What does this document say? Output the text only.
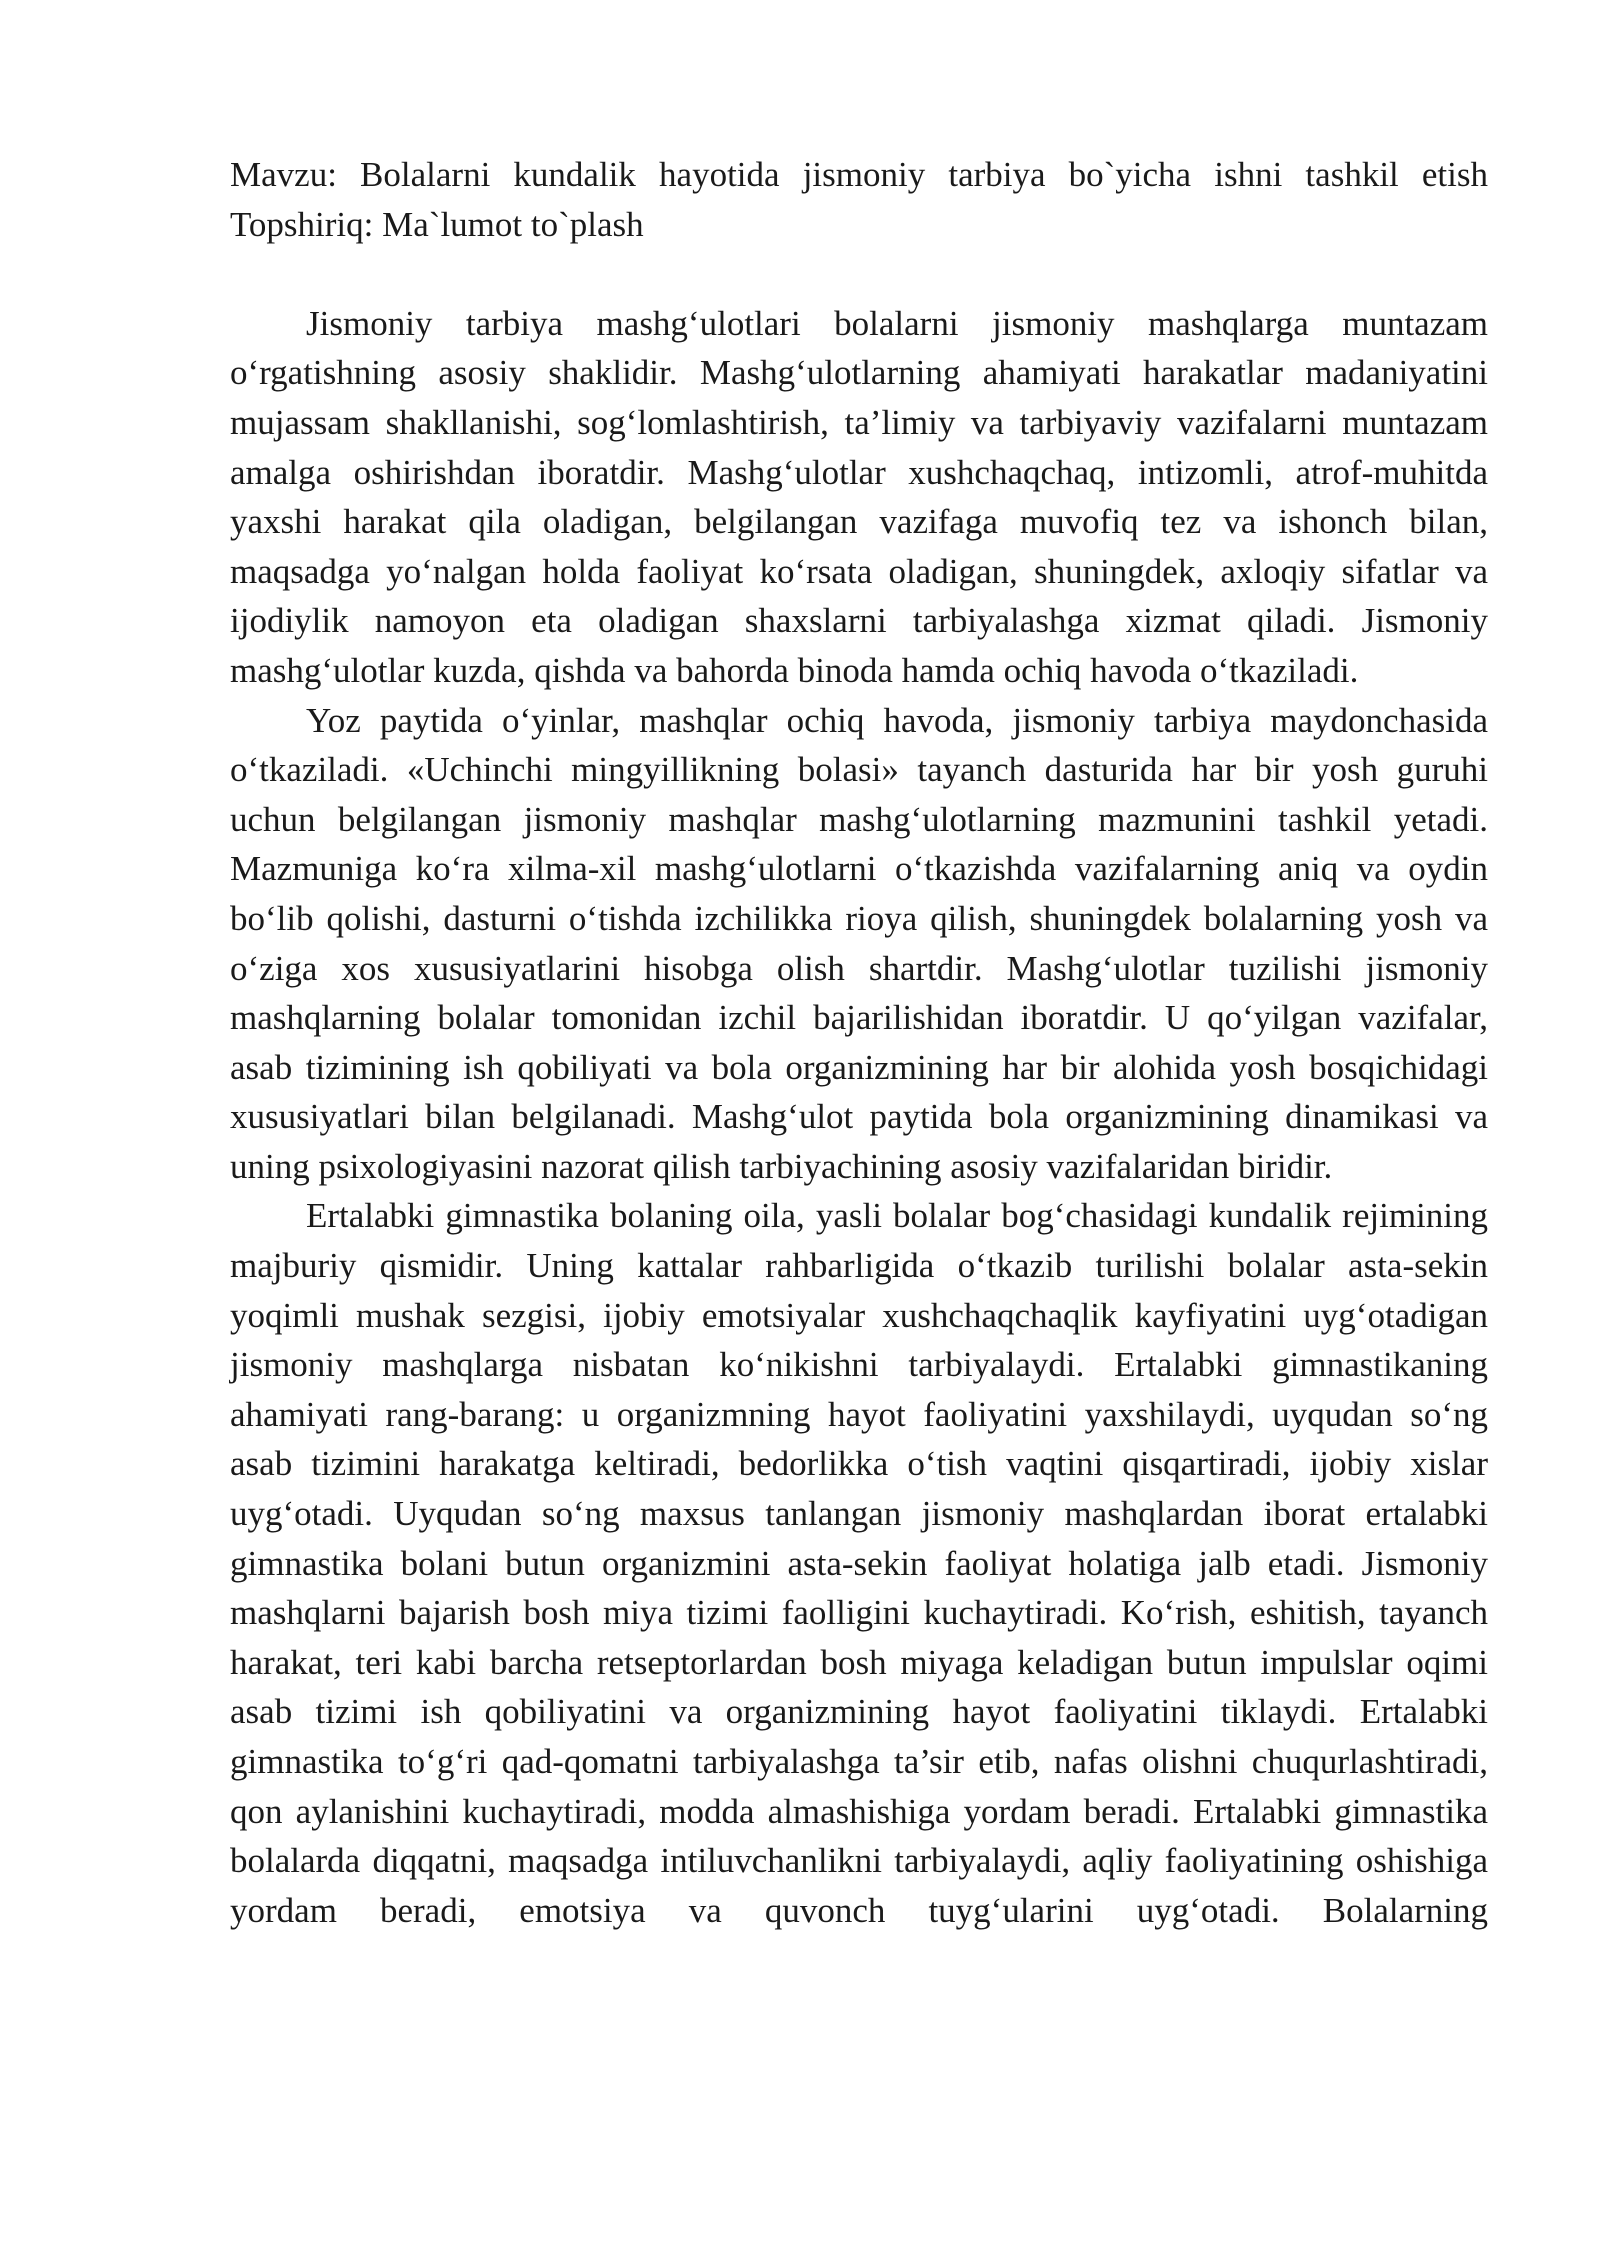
Mavzu: Bolalarni kundalik hayotida jismoniy tarbiya bo`yicha ishni tashkil etish
Topshiriq: Ma`lumot to`plash

Jismoniy tarbiya mashg‘ulotlari bolalarni jismoniy mashqlarga muntazam o‘rgatishning asosiy shaklidir. Mashg‘ulotlarning ahamiyati harakatlar madaniyatini mujassam shakllanishi, sog‘lomlashtirish, ta’limiy va tarbiyaviy vazifalarni muntazam amalga oshirishdan iboratdir. Mashg‘ulotlar xushchaqchaq, intizomli, atrof-muhitda yaxshi harakat qila oladigan, belgilangan vazifaga muvofiq tez va ishonch bilan, maqsadga yo‘nalgan holda faoliyat ko‘rsata oladigan, shuningdek, axloqiy sifatlar va ijodiylik namoyon eta oladigan shaxslarni tarbiyalashga xizmat qiladi. Jismoniy mashg‘ulotlar kuzda, qishda va bahorda binoda hamda ochiq havoda o‘tkaziladi.

Yoz paytida o‘yinlar, mashqlar ochiq havoda, jismoniy tarbiya maydonchasida o‘tkaziladi. «Uchinchi mingyillikning bolasi» tayanch dasturida har bir yosh guruhi uchun belgilangan jismoniy mashqlar mashg‘ulotlarning mazmunini tashkil yetadi. Mazmuniga ko‘ra xilma-xil mashg‘ulotlarni o‘tkazishda vazifalarning aniq va oydin bo‘lib qolishi, dasturni o‘tishda izchilikka rioya qilish, shuningdek bolalarning yosh va o‘ziga xos xususiyatlarini hisobga olish shartdir. Mashg‘ulotlar tuzilishi jismoniy mashqlarning bolalar tomonidan izchil bajarilishidan iboratdir. U qo‘yilgan vazifalar, asab tizimining ish qobiliyati va bola organizmining har bir alohida yosh bosqichidagi xususiyatlari bilan belgilanadi. Mashg‘ulot paytida bola organizmining dinamikasi va uning psixologiyasini nazorat qilish tarbiyachining asosiy vazifalaridan biridir.

Ertalabki gimnastika bolaning oila, yasli bolalar bog‘chasidagi kundalik rejimining majburiy qismidir. Uning kattalar rahbarligida o‘tkazib turilishi bolalar asta-sekin yoqimli mushak sezgisi, ijobiy emotsiyalar xushchaqchaqlik kayfiyatini uyg‘otadigan jismoniy mashqlarga nisbatan ko‘nikishni tarbiyalaydi. Ertalabki gimnastikaning ahamiyati rang-barang: u organizmning hayot faoliyatini yaxshilaydi, uyqudan so‘ng asab tizimini harakatga keltiradi, bedorlikka o‘tish vaqtini qisqartiradi, ijobiy xislar uyg‘otadi. Uyqudan so‘ng maxsus tanlangan jismoniy mashqlardan iborat ertalabki gimnastika bolani butun organizmini asta-sekin faoliyat holatiga jalb etadi. Jismoniy mashqlarni bajarish bosh miya tizimi faolligini kuchaytiradi. Ko‘rish, eshitish, tayanch harakat, teri kabi barcha retseptorlardan bosh miyaga keladigan butun impulslar oqimi asab tizimi ish qobiliyatini va organizmining hayot faoliyatini tiklaydi. Ertalabki gimnastika to‘g‘ri qad-qomatni tarbiyalashga ta’sir etib, nafas olishni chuqurlashtiradi, qon aylanishini kuchaytiradi, modda almashishiga yordam beradi. Ertalabki gimnastika bolalarda diqqatni, maqsadga intiluvchanlikni tarbiyalaydi, aqliy faoliyatining oshishiga yordam beradi, emotsiya va quvonch tuyg‘ularini uyg‘otadi. Bolalarning
